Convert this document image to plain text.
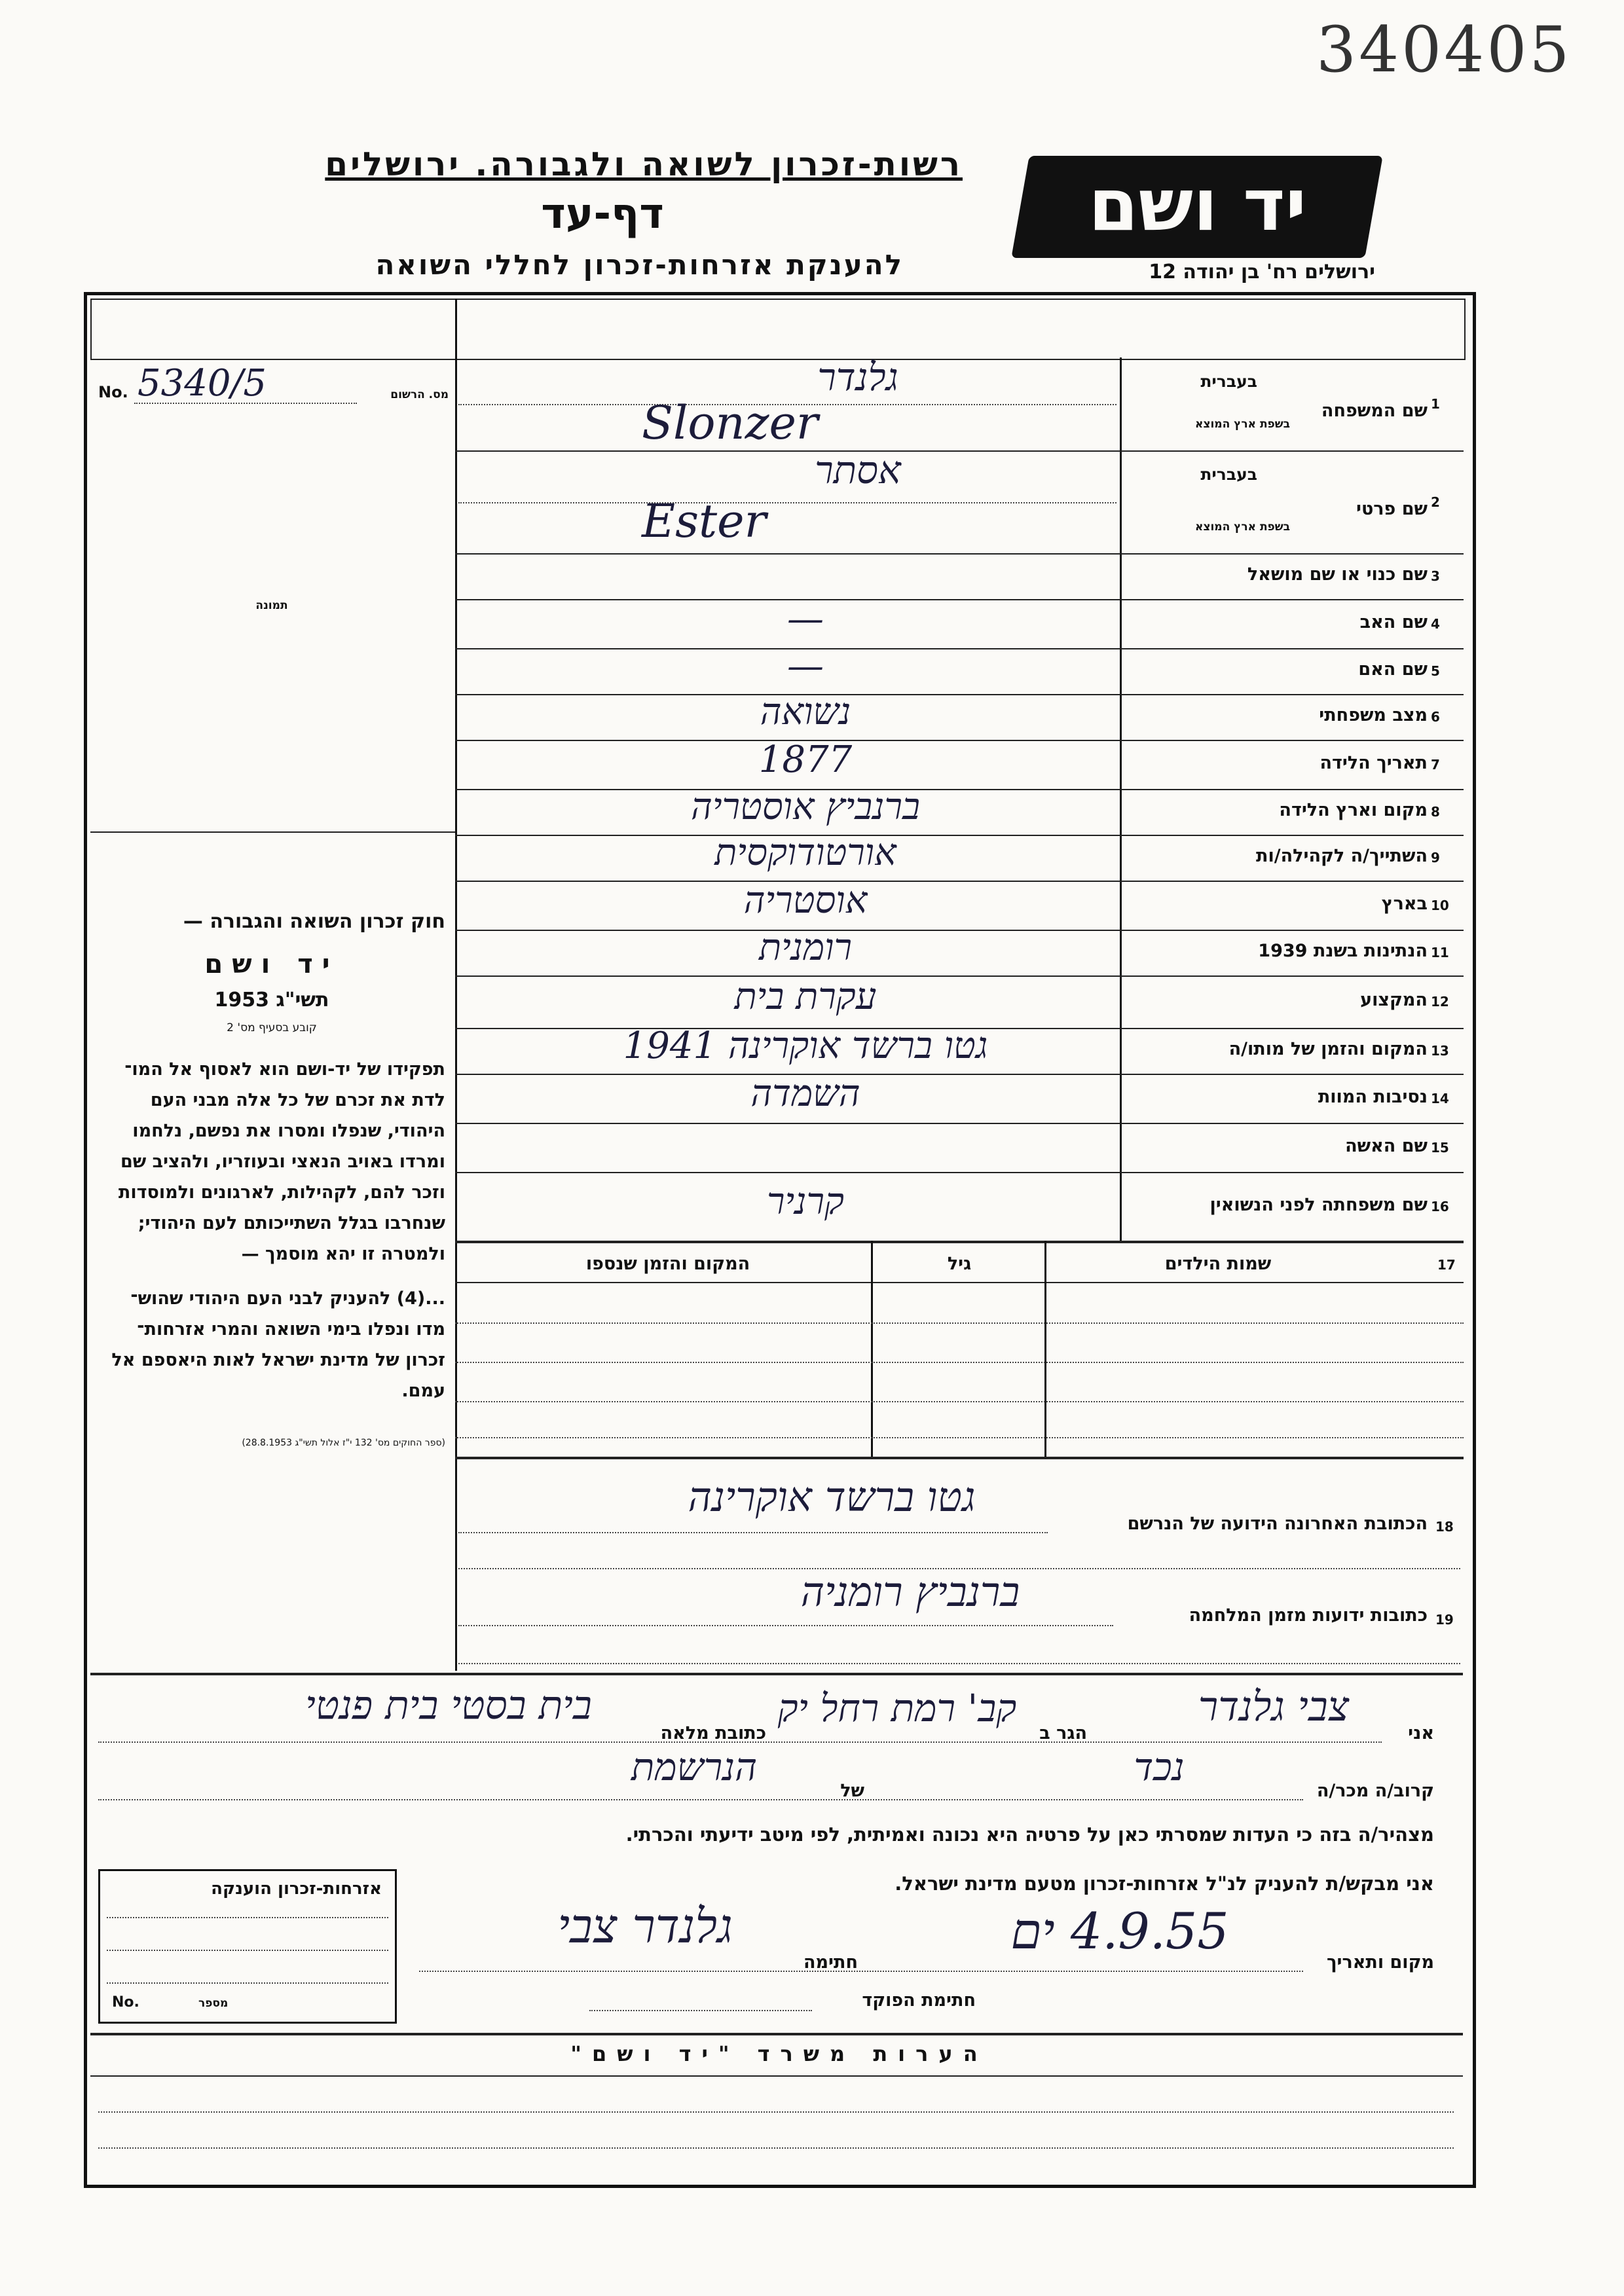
340405
רשות-זכרון לשואה ולגבורה. ירושלים
דף-עד
להענקת אזרחות-זכרון לחללי השואה
יד ושם
ירושלים רח' בן יהודה 12
No. 5340/5	מס. הרשום
תמונה
חוק זכרון השואה והגבורה —
יד ושם
תשי"ג 1953
קובע בסעיף מס' 2
תפקידו של יד-ושם הוא לאסוף אל המו־ לדת את זכרם של כל אלה מבני העם היהודי, שנפלו ומסרו את נפשם, נלחמו ומרדו באויב הנאצי ובעוזריו, ולהציב שם וזכר להם, לקהילות, לארגונים ולמוסדות שנחרבו בגלל השתייכותם לעם היהודי; ולמטרה זו יהא מוסמך —
...(4) להעניק לבני העם היהודי שהוש־ מדו ונפלו בימי השואה והמרי אזרחות־ זכרון של מדינת ישראל לאות היאספם אל עמם.
(ספר החוקים מס' 132 י"ז אלול תשי"ג 28.8.1953)
1
שם המשפחה
בעברית
בשפת ארץ המוצא
גלנדר
Slonzer
2
שם פרטי
בעברית
בשפת ארץ המוצא
אסתר
Ester
3
שם כנוי או שם מושאל
4
שם האב
—
5
שם האם
—
6
מצב משפחתי
נשואה
7
תאריך הלידה
1877
8
מקום וארץ הלידה
ברנביץ אוסטריה
9
השתייך/ה לקהילה/ות
אורטודוקסית
10
בארץ
אוסטריה
11
הנתינות בשנת 1939
רומנית
12
המקצוע
עקרת בית
13
המקום והזמן של מותו/ה
גטו ברשד אוקרינה 1941
14
נסיבות המוות
השמדה
15
שם האשה
16
שם משפחתה לפני הנשואין
קרניר
17
שמות הילדים
גיל
המקום והזמן שנספו
18
הכתובת האחרונה הידועה של הנרשם
גטו ברשד אוקרינה
19
כתובות ידועות מזמן המלחמה
ברנביץ רומניה
אני
צבי גלנדר
הגר ב
קב' רמת רחל יק
כתובת מלאה
בית בסטי בית פנטי
קרוב/ה מכר/ה
נכד
של
הנרשמת
מצהיר/ה בזה כי העדות שמסרתי כאן על פרטיה היא נכונה ואמיתית, לפי מיטב ידיעתי והכרתי.
אני מבקש/ת להעניק לנ"ל אזרחות-זכרון מטעם מדינת ישראל.
מקום ותאריך
4.9.55 ים
חתימה
גלנדר צבי
חתימת הפוקד
אזרחות-זכרון הוענקה
No.	מספר
הערות משרד "יד ושם"
